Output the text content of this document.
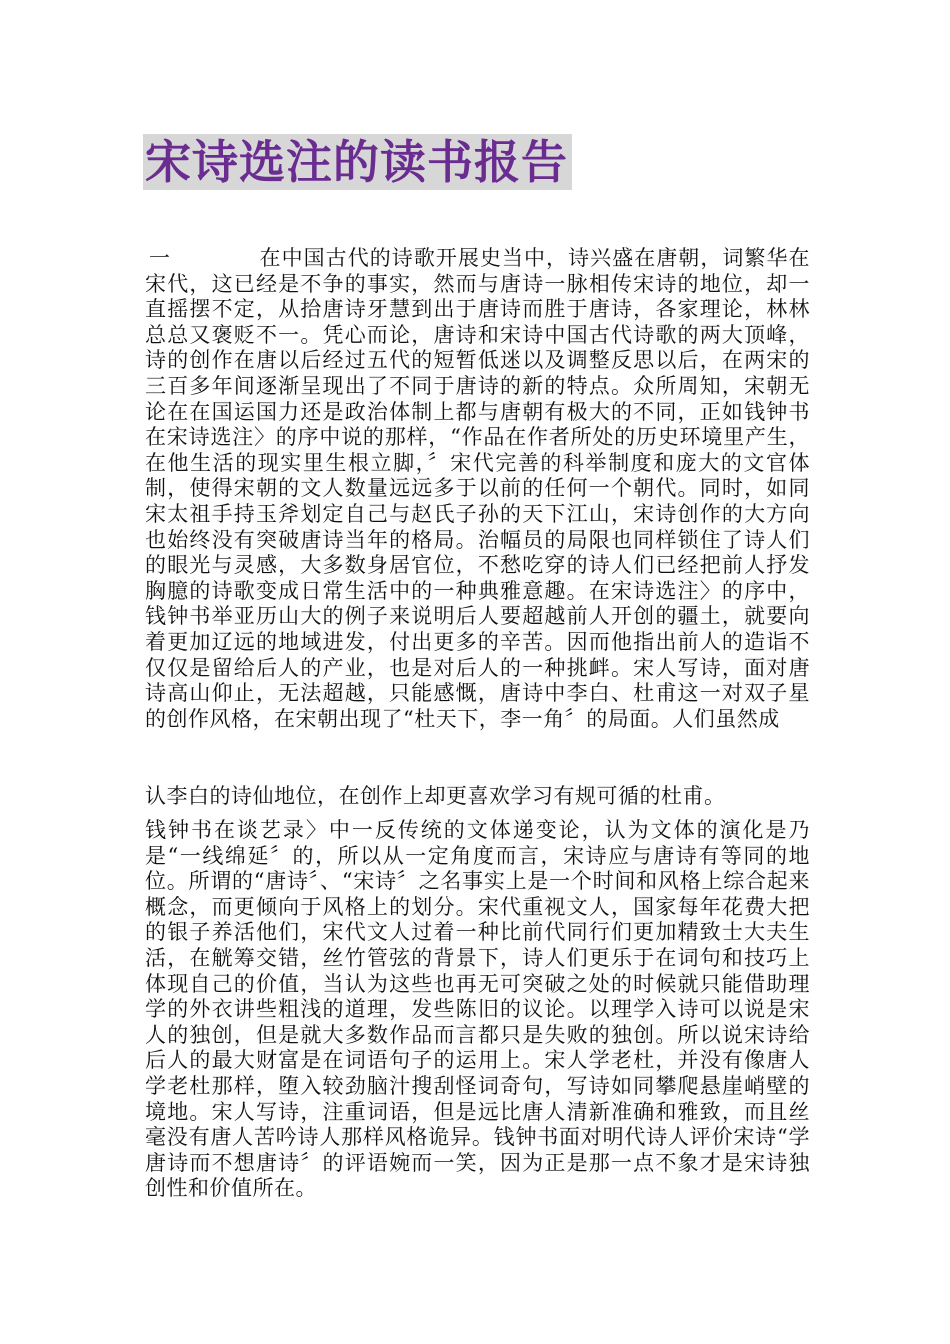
宋诗选注的读书报告
一	在中国古代的诗歌开展史当中，诗兴盛在唐朝，词繁华在宋代，这已经是不争的事实，然而与唐诗一脉相传宋诗的地位，却一直摇摆不定，从拾唐诗牙慧到出于唐诗而胜于唐诗，各家理论，林林总总又褒贬不一。凭心而论，唐诗和宋诗中国古代诗歌的两大顶峰，诗的创作在唐以后经过五代的短暂低迷以及调整反思以后，在两宋的三百多年间逐渐呈现出了不同于唐诗的新的特点。众所周知，宋朝无论在在国运国力还是政治体制上都与唐朝有极大的不同，正如钱钟书在宋诗选注〉的序中说的那样，“作品在作者所处的历史环境里产生，在他生活的现实里生根立脚，〞宋代完善的科举制度和庞大的文官体制，使得宋朝的文人数量远远多于以前的任何一个朝代。同时，如同宋太祖手持玉斧划定自己与赵氏子孙的天下江山，宋诗创作的大方向也始终没有突破唐诗当年的格局。治幅员的局限也同样锁住了诗人们的眼光与灵感，大多数身居官位，不愁吃穿的诗人们已经把前人抒发胸臆的诗歌变成日常生活中的一种典雅意趣。在宋诗选注〉的序中，钱钟书举亚历山大的例子来说明后人要超越前人开创的疆土，就要向着更加辽远的地域进发，付出更多的辛苦。因而他指出前人的造诣不仅仅是留给后人的产业，也是对后人的一种挑衅。宋人写诗，面对唐诗高山仰止，无法超越，只能感慨，唐诗中李白、杜甫这一对双子星的创作风格，在宋朝出现了“杜天下，李一角〞的局面。人们虽然成
认李白的诗仙地位，在创作上却更喜欢学习有规可循的杜甫。
钱钟书在谈艺录〉中一反传统的文体递变论，认为文体的演化是乃是“一线绵延〞的，所以从一定角度而言，宋诗应与唐诗有等同的地位。所谓的“唐诗〞、“宋诗〞之名事实上是一个时间和风格上综合起来概念，而更倾向于风格上的划分。宋代重视文人，国家每年花费大把的银子养活他们，宋代文人过着一种比前代同行们更加精致士大夫生活，在觥筹交错，丝竹管弦的背景下，诗人们更乐于在词句和技巧上体现自己的价值，当认为这些也再无可突破之处的时候就只能借助理学的外衣讲些粗浅的道理，发些陈旧的议论。以理学入诗可以说是宋人的独创，但是就大多数作品而言都只是失败的独创。所以说宋诗给后人的最大财富是在词语句子的运用上。宋人学老杜，并没有像唐人学老杜那样，堕入较劲脑汁搜刮怪词奇句，写诗如同攀爬悬崖峭壁的境地。宋人写诗，注重词语，但是远比唐人清新准确和雅致，而且丝毫没有唐人苦吟诗人那样风格诡异。钱钟书面对明代诗人评价宋诗“学唐诗而不想唐诗〞的评语婉而一笑，因为正是那一点不象才是宋诗独创性和价值所在。
